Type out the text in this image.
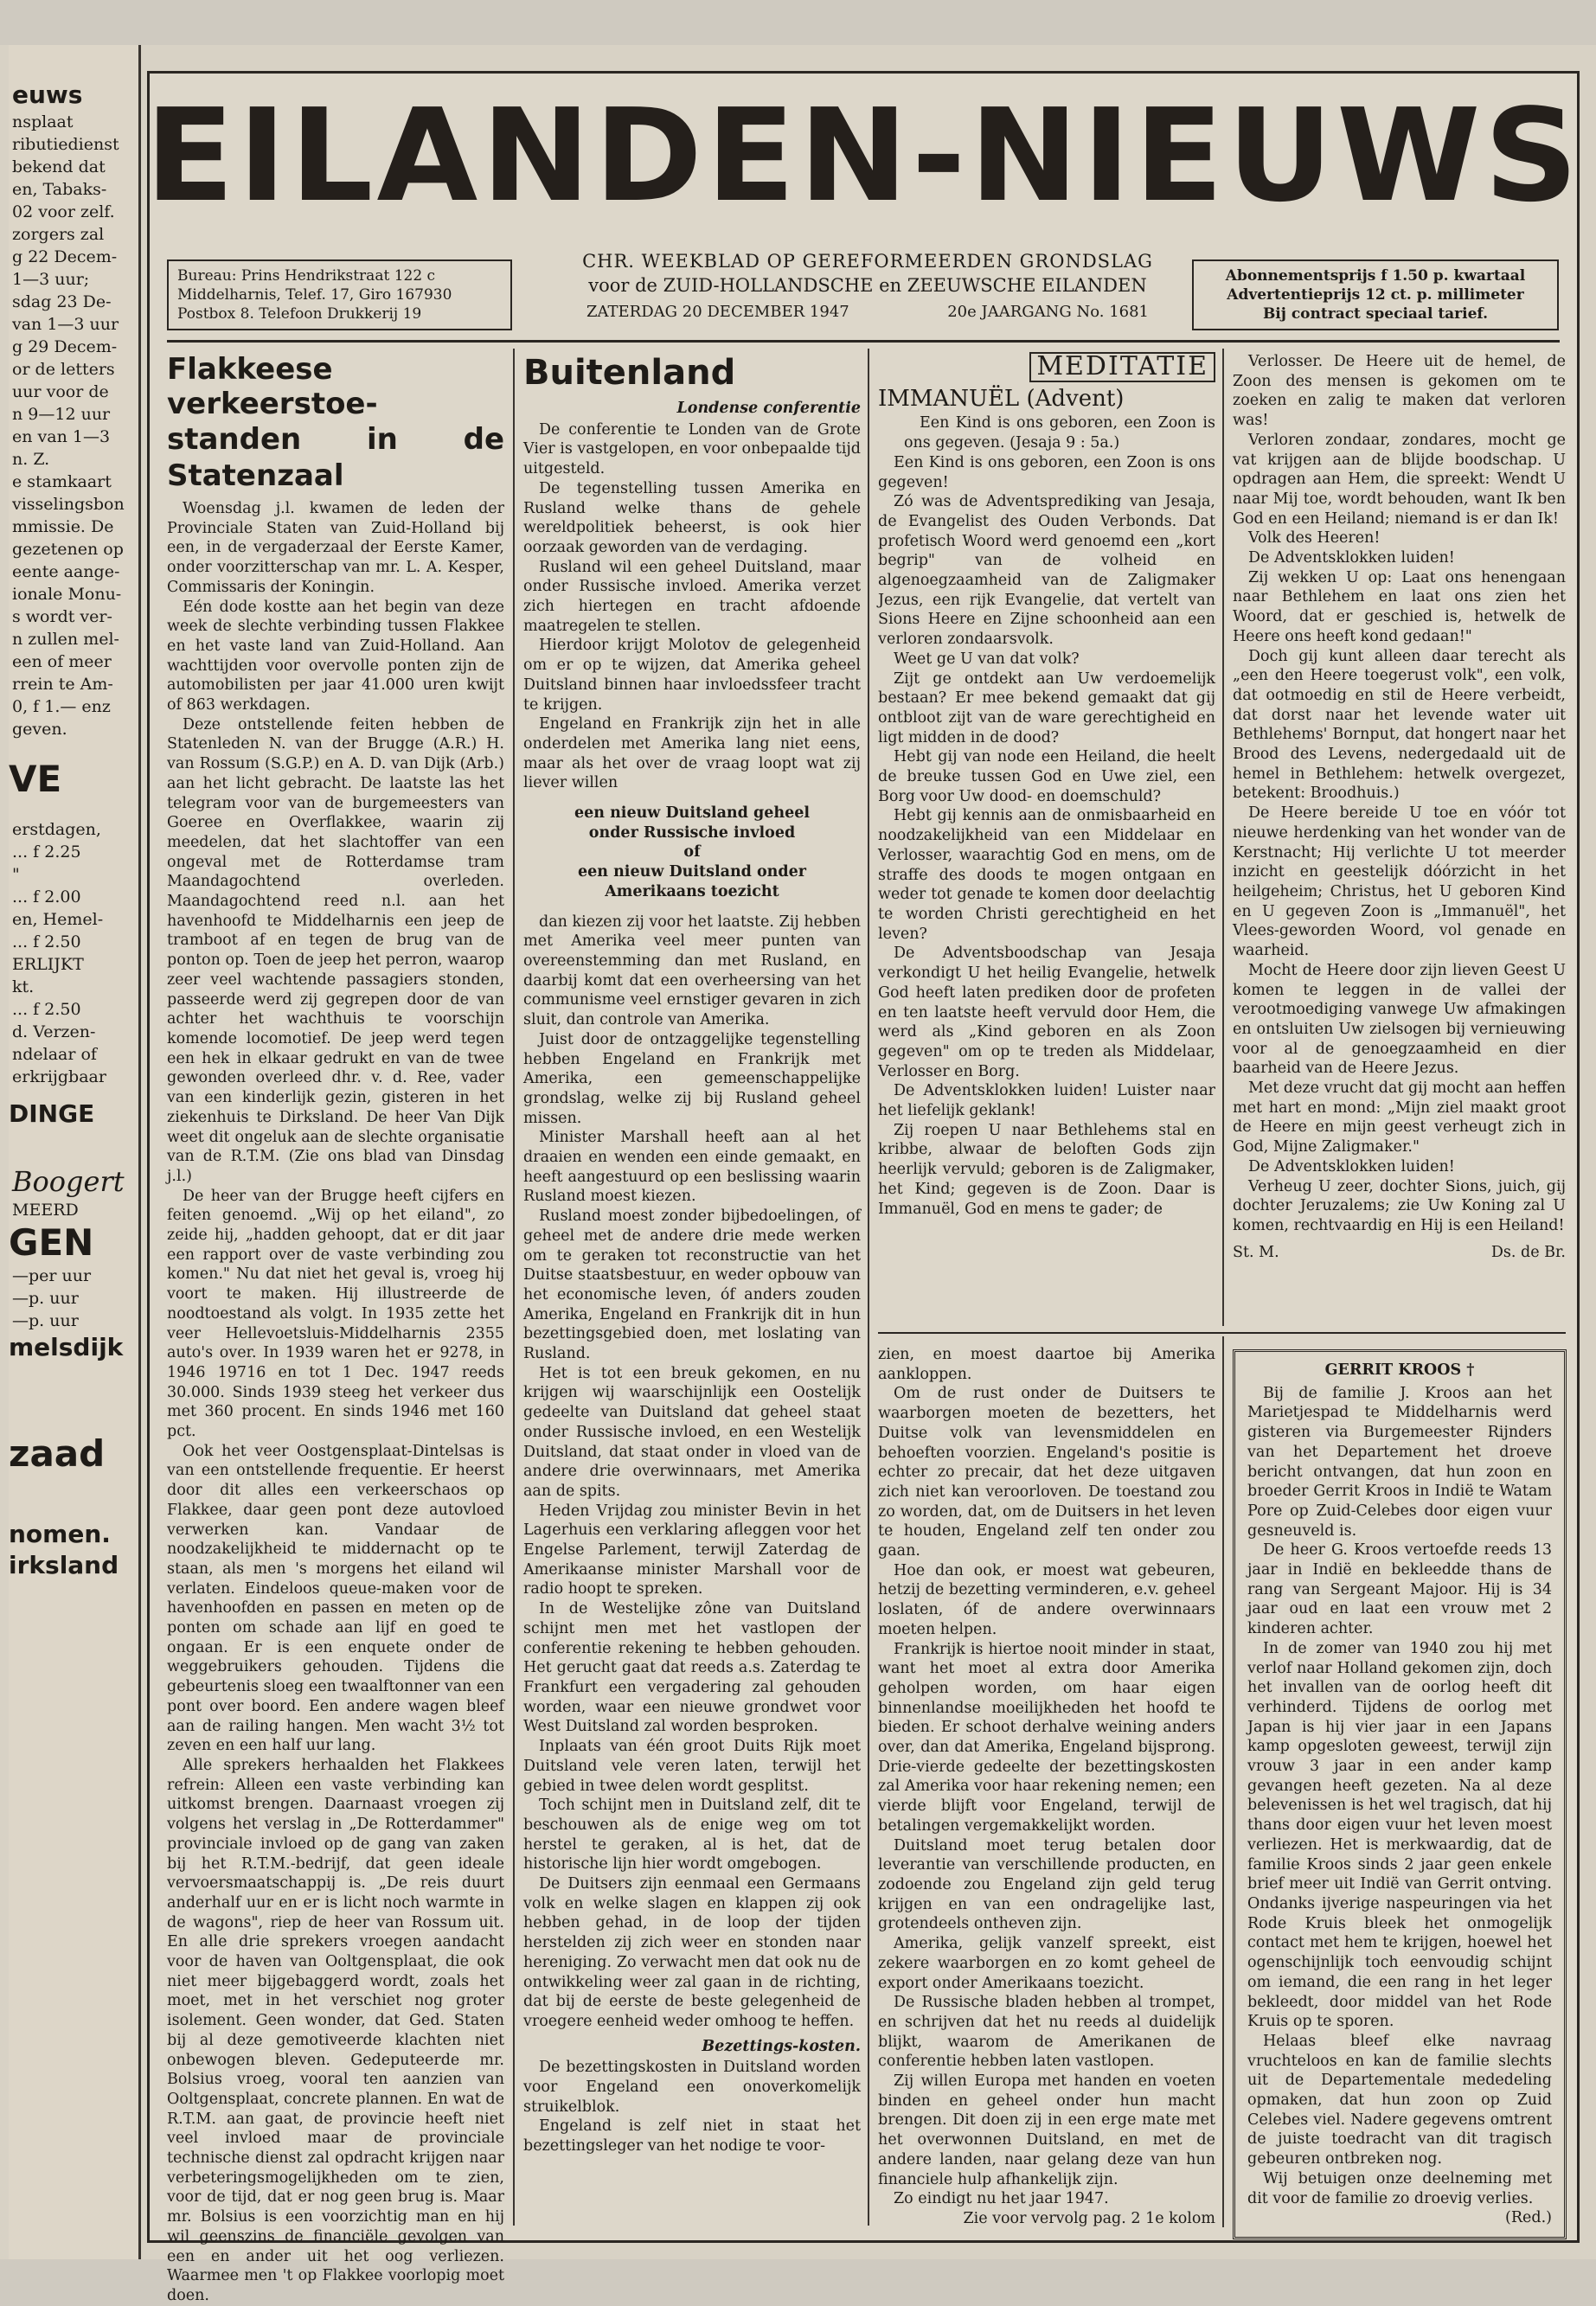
euws
nsplaat
ributiedienst
bekend dat
en, Tabaks-
02 voor zelf.
zorgers zal
g 22 Decem-
1—3 uur;
sdag 23 De-
van 1—3 uur
g 29 Decem-
or de letters
uur voor de
n 9—12 uur
en van 1—3
n. Z.
e stamkaart
visselingsbon
mmissie. De
gezetenen op
eente aange-
ionale Monu-
s wordt ver-
n zullen mel-
een of meer
rrein te Am-
0, f 1.— enz
geven.
VE
erstdagen,
... f 2.25
"
... f 2.00
en, Hemel-
... f 2.50
ERLIJKT
kt.
... f 2.50
d. Verzen-
ndelaar of
erkrijgbaar
DINGE
Boogert
MEERD
GEN
—per uur
—p. uur
—p. uur
melsdijk
zaad
nomen.
irksland
EILANDEN-NIEUWS
Bureau: Prins Hendrikstraat 122 c
Middelharnis, Telef. 17, Giro 167930
Postbox 8. Telefoon Drukkerij 19
CHR. WEEKBLAD OP GEREFORMEERDEN GRONDSLAG
voor de ZUID-HOLLANDSCHE en ZEEUWSCHE EILANDEN
ZATERDAG 20 DECEMBER 1947	20e JAARGANG No. 1681
Abonnementsprijs f 1.50 p. kwartaal
Advertentieprijs 12 ct. p. millimeter
Bij contract speciaal tarief.
Flakkeese verkeerstoe-
standen in de Statenzaal

Woensdag j.l. kwamen de leden der Provinciale Staten van Zuid-Holland bij een, in de vergaderzaal der Eerste Kamer, onder voorzitterschap van mr. L. A. Kesper, Commissaris der Koningin.

Eén dode kostte aan het begin van deze week de slechte verbinding tussen Flakkee en het vaste land van Zuid-Holland. Aan wachttijden voor overvolle ponten zijn de automobilisten per jaar 41.000 uren kwijt of 863 werkdagen.

Deze ontstellende feiten hebben de Statenleden N. van der Brugge (A.R.) H. van Rossum (S.G.P.) en A. D. van Dijk (Arb.) aan het licht gebracht. De laatste las het telegram voor van de burgemeesters van Goeree en Overflakkee, waarin zij meedelen, dat het slachtoffer van een ongeval met de Rotterdamse tram Maandagochtend overleden. Maandagochtend reed n.l. aan het havenhoofd te Middelharnis een jeep de tramboot af en tegen de brug van de ponton op. Toen de jeep het perron, waarop zeer veel wachtende passagiers stonden, passeerde werd zij gegrepen door de van achter het wachthuis te voorschijn komende locomotief. De jeep werd tegen een hek in elkaar gedrukt en van de twee gewonden overleed dhr. v. d. Ree, vader van een kinderlijk gezin, gisteren in het ziekenhuis te Dirksland. De heer Van Dijk weet dit ongeluk aan de slechte organisatie van de R.T.M. (Zie ons blad van Dinsdag j.l.)

De heer van der Brugge heeft cijfers en feiten genoemd. „Wij op het eiland", zo zeide hij, „hadden gehoopt, dat er dit jaar een rapport over de vaste verbinding zou komen." Nu dat niet het geval is, vroeg hij voort te maken. Hij illustreerde de noodtoestand als volgt. In 1935 zette het veer Hellevoetsluis-Middelharnis 2355 auto's over. In 1939 waren het er 9278, in 1946 19716 en tot 1 Dec. 1947 reeds 30.000. Sinds 1939 steeg het verkeer dus met 360 procent. En sinds 1946 met 160 pct.

Ook het veer Oostgensplaat-Dintelsas is van een ontstellende frequentie. Er heerst door dit alles een verkeerschaos op Flakkee, daar geen pont deze autovloed verwerken kan. Vandaar de noodzakelijkheid te middernacht op te staan, als men 's morgens het eiland wil verlaten. Eindeloos queue-maken voor de havenhoofden en passen en meten op de ponten om schade aan lijf en goed te ongaan. Er is een enquete onder de weggebruikers gehouden. Tijdens die gebeurtenis sloeg een twaalftonner van een pont over boord. Een andere wagen bleef aan de railing hangen. Men wacht 3½ tot zeven en een half uur lang.

Alle sprekers herhaalden het Flakkees refrein: Alleen een vaste verbinding kan uitkomst brengen. Daarnaast vroegen zij volgens het verslag in „De Rotterdammer" provinciale invloed op de gang van zaken bij het R.T.M.-bedrijf, dat geen ideale vervoersmaatschappij is. „De reis duurt anderhalf uur en er is licht noch warmte in de wagons", riep de heer van Rossum uit. En alle drie sprekers vroegen aandacht voor de haven van Ooltgensplaat, die ook niet meer bijgebaggerd wordt, zoals het moet, met in het verschiet nog groter isolement. Geen wonder, dat Ged. Staten bij al deze gemotiveerde klachten niet onbewogen bleven. Gedeputeerde mr. Bolsius vroeg, vooral ten aanzien van Ooltgensplaat, concrete plannen. En wat de R.T.M. aan gaat, de provincie heeft niet veel invloed maar de provinciale technische dienst zal opdracht krijgen naar verbeteringsmogelijkheden om te zien, voor de tijd, dat er nog geen brug is. Maar mr. Bolsius is een voorzichtig man en hij wil geenszins de financiële gevolgen van een en ander uit het oog verliezen. Waarmee men 't op Flakkee voorlopig moet doen.

Buitenland
Londense conferentie

De conferentie te Londen van de Grote Vier is vastgelopen, en voor onbepaalde tijd uitgesteld.

De tegenstelling tussen Amerika en Rusland welke thans de gehele wereldpolitiek beheerst, is ook hier oorzaak geworden van de verdaging.

Rusland wil een geheel Duitsland, maar onder Russische invloed. Amerika verzet zich hiertegen en tracht afdoende maatregelen te stellen.

Hierdoor krijgt Molotov de gelegenheid om er op te wijzen, dat Amerika geheel Duitsland binnen haar invloedssfeer tracht te krijgen.

Engeland en Frankrijk zijn het in alle onderdelen met Amerika lang niet eens, maar als het over de vraag loopt wat zij liever willen

een nieuw Duitsland geheel

onder Russische invloed

of

een nieuw Duitsland onder

Amerikaans toezicht

dan kiezen zij voor het laatste. Zij hebben met Amerika veel meer punten van overeenstemming dan met Rusland, en daarbij komt dat een overheersing van het communisme veel ernstiger gevaren in zich sluit, dan controle van Amerika.

Juist door de ontzaggelijke tegenstelling hebben Engeland en Frankrijk met Amerika, een gemeenschappelijke grondslag, welke zij bij Rusland geheel missen.

Minister Marshall heeft aan al het draaien en wenden een einde gemaakt, en heeft aangestuurd op een beslissing waarin Rusland moest kiezen.

Rusland moest zonder bijbedoelingen, of geheel met de andere drie mede werken om te geraken tot reconstructie van het Duitse staatsbestuur, en weder opbouw van het economische leven, óf anders zouden Amerika, Engeland en Frankrijk dit in hun bezettingsgebied doen, met loslating van Rusland.

Het is tot een breuk gekomen, en nu krijgen wij waarschijnlijk een Oostelijk gedeelte van Duitsland dat geheel staat onder Russische invloed, en een Westelijk Duitsland, dat staat onder in vloed van de andere drie overwinnaars, met Amerika aan de spits.

Heden Vrijdag zou minister Bevin in het Lagerhuis een verklaring afleggen voor het Engelse Parlement, terwijl Zaterdag de Amerikaanse minister Marshall voor de radio hoopt te spreken.

In de Westelijke zône van Duitsland schijnt men met het vastlopen der conferentie rekening te hebben gehouden. Het gerucht gaat dat reeds a.s. Zaterdag te Frankfurt een vergadering zal gehouden worden, waar een nieuwe grondwet voor West Duitsland zal worden besproken.

Inplaats van één groot Duits Rijk moet Duitsland vele veren laten, terwijl het gebied in twee delen wordt gesplitst.

Toch schijnt men in Duitsland zelf, dit te beschouwen als de enige weg om tot herstel te geraken, al is het, dat de historische lijn hier wordt omgebogen.

De Duitsers zijn eenmaal een Germaans volk en welke slagen en klappen zij ook hebben gehad, in de loop der tijden herstelden zij zich weer en stonden naar hereniging. Zo verwacht men dat ook nu de ontwikkeling weer zal gaan in de richting, dat bij de eerste de beste gelegenheid de vroegere eenheid weder omhoog te heffen.

Bezettings-kosten.

De bezettingskosten in Duitsland worden voor Engeland een onoverkomelijk struikelblok.

Engeland is zelf niet in staat het bezettingsleger van het nodige te voor-

MEDITATIE
IMMANUËL (Advent)

Een Kind is ons geboren, een Zoon is ons gegeven. (Jesaja 9 : 5a.)

Een Kind is ons geboren, een Zoon is ons gegeven!

Zó was de Adventsprediking van Jesaja, de Evangelist des Ouden Verbonds. Dat profetisch Woord werd genoemd een „kort begrip" van de volheid en algenoegzaamheid van de Zaligmaker Jezus, een rijk Evangelie, dat vertelt van Sions Heere en Zijne schoonheid aan een verloren zondaarsvolk.

Weet ge U van dat volk?

Zijt ge ontdekt aan Uw verdoemelijk bestaan? Er mee bekend gemaakt dat gij ontbloot zijt van de ware gerechtigheid en ligt midden in de dood?

Hebt gij van node een Heiland, die heelt de breuke tussen God en Uwe ziel, een Borg voor Uw dood- en doemschuld?

Hebt gij kennis aan de onmisbaarheid en noodzakelijkheid van een Middelaar en Verlosser, waarachtig God en mens, om de straffe des doods te mogen ontgaan en weder tot genade te komen door deelachtig te worden Christi gerechtigheid en het leven?

De Adventsboodschap van Jesaja verkondigt U het heilig Evangelie, hetwelk God heeft laten prediken door de profeten en ten laatste heeft vervuld door Hem, die werd als „Kind geboren en als Zoon gegeven" om op te treden als Middelaar, Verlosser en Borg.

De Adventsklokken luiden! Luister naar het liefelijk geklank!

Zij roepen U naar Bethlehems stal en kribbe, alwaar de beloften Gods zijn heerlijk vervuld; geboren is de Zaligmaker, het Kind; gegeven is de Zoon. Daar is Immanuël, God en mens te gader; de

Verlosser. De Heere uit de hemel, de Zoon des mensen is gekomen om te zoeken en zalig te maken dat verloren was!

Verloren zondaar, zondares, mocht ge vat krijgen aan de blijde boodschap. U opdragen aan Hem, die spreekt: Wendt U naar Mij toe, wordt behouden, want Ik ben God en een Heiland; niemand is er dan Ik!

Volk des Heeren!

De Adventsklokken luiden!

Zij wekken U op: Laat ons henengaan naar Bethlehem en laat ons zien het Woord, dat er geschied is, hetwelk de Heere ons heeft kond gedaan!"

Doch gij kunt alleen daar terecht als „een den Heere toegerust volk", een volk, dat ootmoedig en stil de Heere verbeidt, dat dorst naar het levende water uit Bethlehems' Bornput, dat hongert naar het Brood des Levens, nedergedaald uit de hemel in Bethlehem: hetwelk overgezet, betekent: Broodhuis.)

De Heere bereide U toe en vóór tot nieuwe herdenking van het wonder van de Kerstnacht; Hij verlichte U tot meerder inzicht en geestelijk dóórzicht in het heilgeheim; Christus, het U geboren Kind en U gegeven Zoon is „Immanuël", het Vlees-geworden Woord, vol genade en waarheid.

Mocht de Heere door zijn lieven Geest U komen te leggen in de vallei der verootmoediging vanwege Uw afmakingen en ontsluiten Uw zielsogen bij vernieuwing voor al de genoegzaamheid en dier baarheid van de Heere Jezus.

Met deze vrucht dat gij mocht aan heffen met hart en mond: „Mijn ziel maakt groot de Heere en mijn geest verheugt zich in God, Mijne Zaligmaker."

De Adventsklokken luiden!

Verheug U zeer, dochter Sions, juich, gij dochter Jeruzalems; zie Uw Koning zal U komen, rechtvaardig en Hij is een Heiland!

St. M.	Ds. de Br.

zien, en moest daartoe bij Amerika aankloppen.

Om de rust onder de Duitsers te waarborgen moeten de bezetters, het Duitse volk van levensmiddelen en behoeften voorzien. Engeland's positie is echter zo precair, dat het deze uitgaven zich niet kan veroorloven. De toestand zou zo worden, dat, om de Duitsers in het leven te houden, Engeland zelf ten onder zou gaan.

Hoe dan ook, er moest wat gebeuren, hetzij de bezetting verminderen, e.v. geheel loslaten, óf de andere overwinnaars moeten helpen.

Frankrijk is hiertoe nooit minder in staat, want het moet al extra door Amerika geholpen worden, om haar eigen binnenlandse moeilijkheden het hoofd te bieden. Er schoot derhalve weining anders over, dan dat Amerika, Engeland bijsprong. Drie-vierde gedeelte der bezettingskosten zal Amerika voor haar rekening nemen; een vierde blijft voor Engeland, terwijl de betalingen vergemakkelijkt worden.

Duitsland moet terug betalen door leverantie van verschillende producten, en zodoende zou Engeland zijn geld terug krijgen en van een ondragelijke last, grotendeels ontheven zijn.

Amerika, gelijk vanzelf spreekt, eist zekere waarborgen en zo komt geheel de export onder Amerikaans toezicht.

De Russische bladen hebben al trompet, en schrijven dat het nu reeds al duidelijk blijkt, waarom de Amerikanen de conferentie hebben laten vastlopen.

Zij willen Europa met handen en voeten binden en geheel onder hun macht brengen. Dit doen zij in een erge mate met het overwonnen Duitsland, en met de andere landen, naar gelang deze van hun financiele hulp afhankelijk zijn.

Zo eindigt nu het jaar 1947.

Zie voor vervolg pag. 2 1e kolom

GERRIT KROOS †

Bij de familie J. Kroos aan het Marietjespad te Middelharnis werd gisteren via Burgemeester Rijnders van het Departement het droeve bericht ontvangen, dat hun zoon en broeder Gerrit Kroos in Indië te Watam Pore op Zuid-Celebes door eigen vuur gesneuveld is.

De heer G. Kroos vertoefde reeds 13 jaar in Indië en bekleedde thans de rang van Sergeant Majoor. Hij is 34 jaar oud en laat een vrouw met 2 kinderen achter.

In de zomer van 1940 zou hij met verlof naar Holland gekomen zijn, doch het invallen van de oorlog heeft dit verhinderd. Tijdens de oorlog met Japan is hij vier jaar in een Japans kamp opgesloten geweest, terwijl zijn vrouw 3 jaar in een ander kamp gevangen heeft gezeten. Na al deze belevenissen is het wel tragisch, dat hij thans door eigen vuur het leven moest verliezen. Het is merkwaardig, dat de familie Kroos sinds 2 jaar geen enkele brief meer uit Indië van Gerrit ontving. Ondanks ijverige naspeuringen via het Rode Kruis bleek het onmogelijk contact met hem te krijgen, hoewel het ogenschijnlijk toch eenvoudig schijnt om iemand, die een rang in het leger bekleedt, door middel van het Rode Kruis op te sporen.

Helaas bleef elke navraag vruchteloos en kan de familie slechts uit de Departementale mededeling opmaken, dat hun zoon op Zuid Celebes viel. Nadere gegevens omtrent de juiste toedracht van dit tragisch gebeuren ontbreken nog.

Wij betuigen onze deelneming met dit voor de familie zo droevig verlies.

(Red.)
